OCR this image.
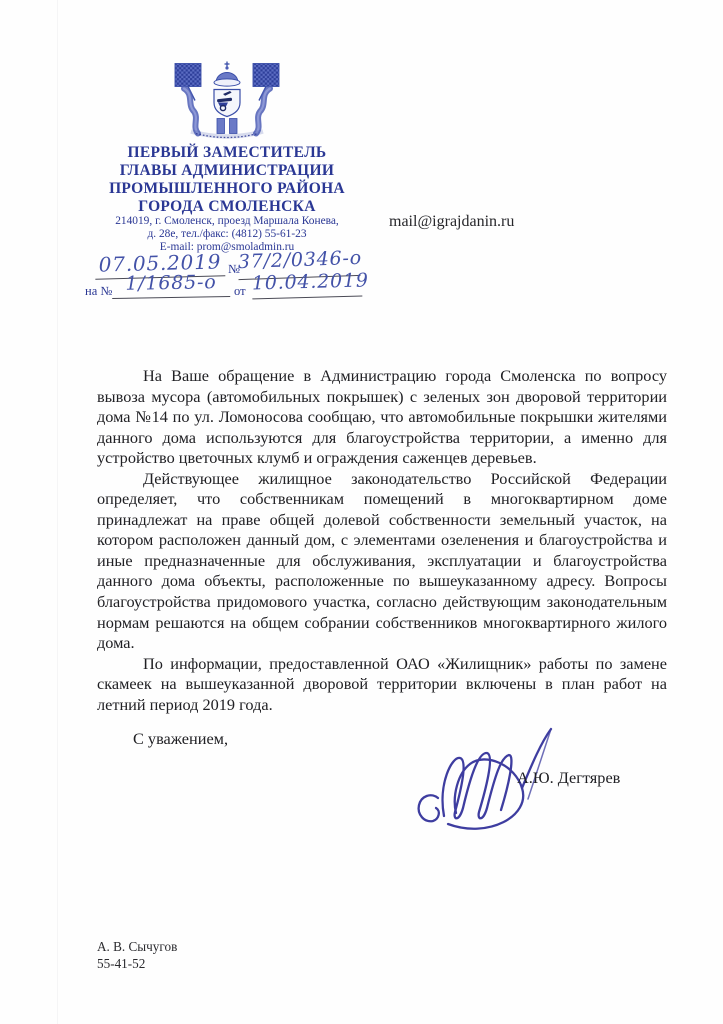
ПЕРВЫЙ ЗАМЕСТИТЕЛЬ
ГЛАВЫ АДМИНИСТРАЦИИ
ПРОМЫШЛЕННОГО РАЙОНА
ГОРОДА СМОЛЕНСКА
214019, г. Смоленск, проезд Маршала Конева,
д. 28е, тел./факс: (4812) 55-61-23
E-mail: prom@smoladmin.ru
07.05.2019 №
37/2/0346-о
на № 1/1685-о	от 10.04.2019
mail@igrajdanin.ru

На Ваше обращение в Администрацию города Смоленска по вопросу вывоза мусора (автомобильных покрышек) с зеленых зон дворовой территории дома №14 по ул. Ломоносова сообщаю, что автомобильные покрышки жителями данного дома используются для благоустройства территории, а именно для устройство цветочных клумб и ограждения саженцев деревьев.

Действующее жилищное законодательство Российской Федерации определяет, что собственникам помещений в многоквартирном доме принадлежат на праве общей долевой собственности земельный участок, на котором расположен данный дом, с элементами озеленения и благоустройства и иные предназначенные для обслуживания, эксплуатации и благоустройства данного дома объекты, расположенные по вышеуказанному адресу. Вопросы благоустройства придомового участка, согласно действующим законодательным нормам решаются на общем собрании собственников многоквартирного жилого дома.

По информации, предоставленной ОАО «Жилищник» работы по замене скамеек на вышеуказанной дворовой территории включены в план работ на летний период 2019 года.

С уважением,
А.Ю. Дегтярев
А. В. Сычугов
55-41-52
